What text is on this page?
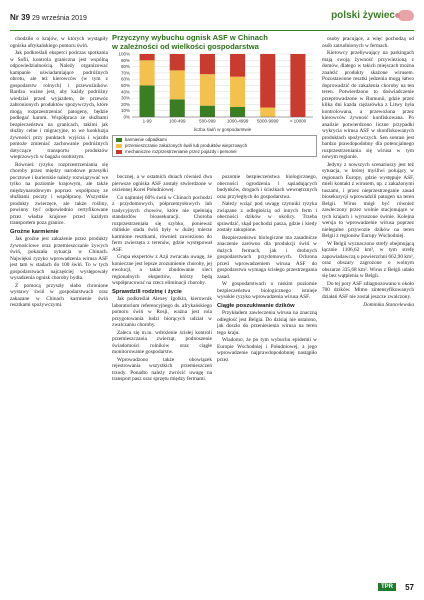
Nr 39 29 września 2019	polski żywiec

chodziło o krajów, w których wystąpiły ogniska afrykańskiego pomoru świń.

Jak podkreślali eksperci podczas spotkania w Sofii, kontrola graniczna jest wspólną odpowiedzialnością. Należy organizować kampanie uświadamiające podróżnych obrotu, ale też kierowców (w tym z gospodarstw rolnych) i przewoźników. Bardzo ważne jest, aby każdy podróżny wiedział przed wyjazdem, że przewóz zabronionych produktów spożywczych, które mogą rozprzestrzeniać patogeny, będzie podlegać karom. Współpraca ze służbami bezpieczeństwa na granicach, takimi jak służby celne i migracyjne, to we konkluzja żywności przy punktach wyjścia i wjazdu pomoże zmieniać zachowanie podróżnych dotyczące transportu produktów wieprzowych w bagażu osobistym.

Również ryzyko rozprzestrzeniania się choroby przez między narodowe przesyłki pocztowe i kurierskie należy rozwiązywać we tylko na poziomie krajowym, ale także międzynarodowym poprzez współpracę ze służbami poczty i współpracę. Wszystkie produkty zwierzęce, ale także rośliny, powinny być odpowiednio certyfikowane przez władze krajowe przed każdym transportem poza granice.

Groźne karmienie

Jak groźne jest zakażenie przez produkty żywnościowe oraz przemieszczanie żywych świń, pokazała sytuacja w Chinach. Najwięksi ryzyko wprowadzenia wirusa ASF jest tam w stadach do 100 świń. To w tych gospodarstwach najczęściej występowały wysadzenia ognisk choroby bydła.

Z pomocą przyszły słabo chronione wystawy świń w gospodarstwach oraz zakazane w Chinach karmienie świń resztkami spożywczymi.

Przyczyny wybuchu ognisk ASF w Chinach
w zależności od wielkości gospodarstwa
0%
10%
20%
30%
40%
50%
60%
70%
80%
90%
100%
1-99	100-499	500-999 1000-4999 5000-9999 > 10000
liczba świń w gospodarstwie
karmienie odpadkami
przemieszczanie zakażonych świń lub produktów wieprzowych
mechaniczne rozprzestrzenianie przez pojazdy i personel

bocznej, a w ostatnich dniach również dwa pierwsze ogniska ASF zostały stwierdzone w ościennej Korei Południowej.

Co najmniej 60% świń w Chinach pochodzi z przydomowych, półprzemysłowych lub tradycyjnych chowów, które nie spełniają standardów bioasekuracji. Choroba rozprzestrzeniała się szybko, ponieważ chińskie stada świń były w dużej mierze karmione resztkami, również zawieziono do ferm zwierzęta z terenów, gdzie występował ASF.

Grupa ekspertów z Azji zwracała uwagę, że konieczne jest lepsze zrozumienie choroby, jej ewolucji, a także zbudowanie sieci regionalnych ekspertów, którzy będą współpracować na rzecz eliminacji choroby.

Sprawdzili rodzinę i życie

Jak podkreślał Alexey Igolkin, kierownik laboratorium referencyjnego ds. afrykańskiego pomoru świń w Rosji, ważna jest rola przygotowania ludzi biorących udział w zwalczaniu choroby.

Zaleca się m.in. wdrożenie ścisłej kontroli przemieszczania zwierząt, podnoszenie świadomości rolników oraz ciągłe monitorowanie gospodarstw.

Wprowadzono także obowiązek rejestrowania wszystkich przemieszczeń trzody. Ponadto należy zwrócić uwagę na transport pasz oraz sprzętu między fermami.

pozomie bezpieczeństwa biologicznego, obecności ogrodzenia i sąsiadujących budynków, drogach i ścieżkach wewnętrznych oraz przyległych do gospodarstwa.

Należy wziąć pod uwagę czynniki ryzyka związane z odległością od innych ferm i obecności dzików w okolicy. Trzeba sprawdzić, skąd pochodzi pasza, gdzie i kiedy zostały zakupione.

Bezpieczeństwo biologiczne ma zasadnicze znaczenie zarówno dla produkcji świń w dużych fermach, jak i drobnych gospodarstwach przydomowych. Ochrona przed wprowadzeniem wirusa ASF do gospodarstwa wymaga ścisłego przestrzegania zasad.

W gospodarstwach o niskim poziomie bezpieczeństwa biologicznego istnieje wysokie ryzyko wprowadzenia wirusa ASF.

Ciągłe poszukiwanie dzików

Przykładem zawleczenia wirusa na znaczną odległość jest Belgia. Do dzisiaj nie ustalono, jak doszło do przeniesienia wirusa na teren tego kraju.

Wiadomo, że po tym wybuchu epidemii w Europie Wschodniej i Południowej, a jego wprowadzenie najprawdopodobniej nastąpiło przez

osoby pracujące, a więc pochodzą od osób zatrudnionych w fermach.

Kierowcy przebywający na parkingach mają swoją żywność przywiezioną z domów, dlatego w takich miejscach można znaleźć produkty skażone wirusem. Pozostawione resztki jedzenia mogą łatwo doprowadzić do zakażenia choroby na ten teren. Potwierdzono to doświadczenie przeprowadzone w Rumunii, gdzie przez kilka dni kazda ciężarówka z Litwy była kontrolowana, a przewożona przez kierowców żywność konfiskowana. Po analizie potwierdzono liczne przypadki wykrycia wirusa ASF w skonfiskowanych produktach spożywczych. Sen sonrası jest bardzo prawdopodobny dla potencjalnego rozprzestrzeniania się wirusa w tym nowym regionie.

Jedyny z nowszych scenariuszy jest też sytuacja, w której myśliwi polujący w regionach Europy, gdzie występuje ASF, mieli kontakt z wirusem, np. z zakażonymi tuszami, i przez nieprzestrzeganie zasad biosekurycji wprowadzili patogen na teren Belgii. Wirus mógł być również zawleczony przez wolnie stacjonujące w tych krajach i wyruszone świnie. Kolejna wersja to wprowadzenie wirusa poprzez nielegalne przywozie dzików na teren Belgii z regionów Europy Wschodniej.

W Belgii wyznaczono strefy obejmującą łącznie 1106,62 km², w tym strefę zapowiadawczą o powierzchni 662,90 km², oraz obszary zagrożone o wolnym obszarze 335,68 km². Wirus z Belgii udało się bez wątpienia w Belgii.

Do tej pory ASF zdiagnozowano u około 700 dzików. Mimo zintensyfikowanych działań ASF nie został jeszcze zwalczony.

Dominika Stancelewska

TPR	57
